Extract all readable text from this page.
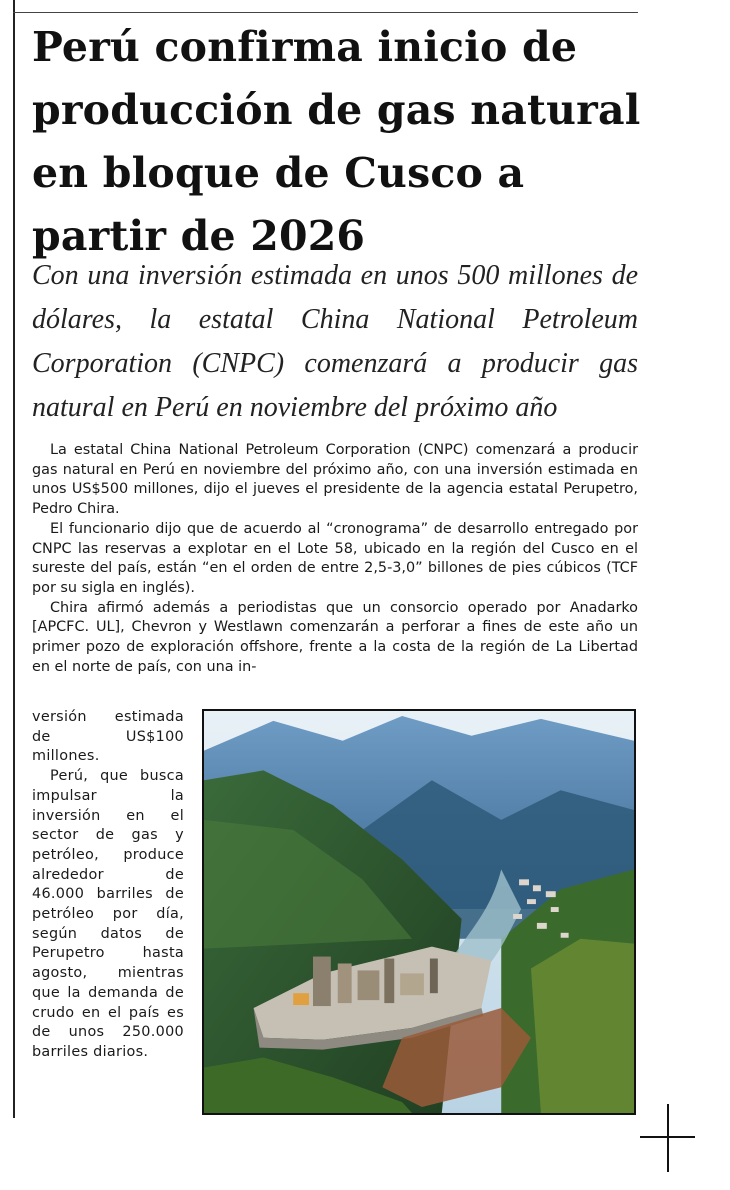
Perú confirma inicio de producción de gas natural en bloque de Cusco a partir de 2026

Con una inversión estimada en unos 500 millones de dólares, la estatal China National Petroleum Corporation (CNPC) comenzará a producir gas natural en Perú en noviembre del próximo año

La estatal China National Petroleum Corporation (CNPC) comenzará a producir gas natural en Perú en noviembre del próximo año, con una inversión estimada en unos US$500 millones, dijo el jueves el presidente de la agencia estatal Perupetro, Pedro Chira.

El funcionario dijo que de acuerdo al “cronograma” de desarrollo entregado por CNPC las reservas a explotar en el Lote 58, ubicado en la región del Cusco en el sureste del país, están “en el orden de entre 2,5-3,0” billones de pies cúbicos (TCF por su sigla en inglés).

Chira afirmó además a periodistas que un consorcio operado por Anadarko [APCFC. UL], Chevron y Westlawn comenzarán a perforar a fines de este año un primer pozo de exploración offshore, frente a la costa de la región de La Libertad en el norte de país, con una in-

versión estimada de US$100 millones.

Perú, que busca impulsar la inversión en el sector de gas y petróleo, produce alrededor de 46.000 barriles de petróleo por día, según datos de Perupetro hasta agosto, mientras que la demanda de crudo en el país es de unos 250.000 barriles diarios.
